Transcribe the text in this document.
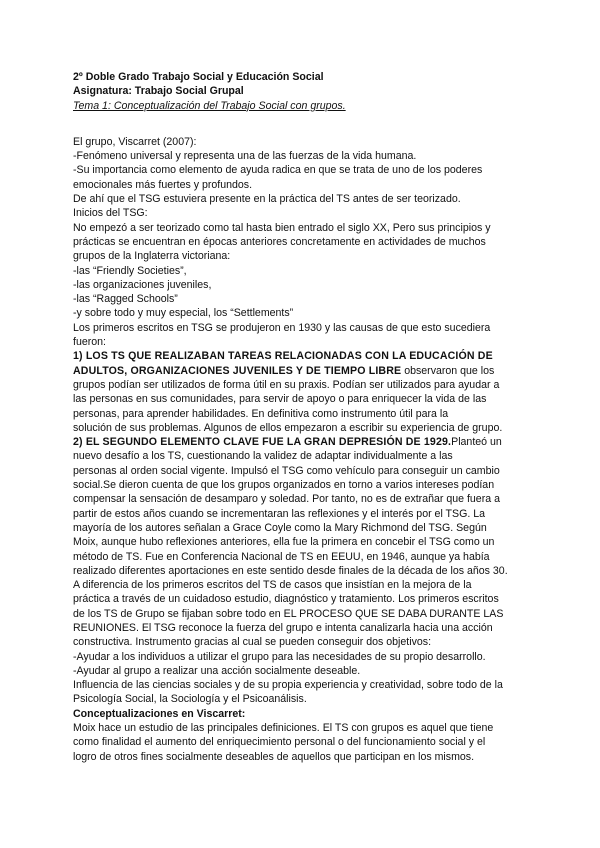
2º Doble Grado Trabajo Social y Educación Social
Asignatura: Trabajo Social Grupal
Tema 1: Conceptualización del Trabajo Social con grupos.
El grupo, Viscarret (2007):
-Fenómeno universal y representa una de las fuerzas de la vida humana.
-Su importancia como elemento de ayuda radica en que se trata de uno de los poderes
emocionales más fuertes y profundos.
De ahí que el TSG estuviera presente en la práctica del TS antes de ser teorizado.
Inicios del TSG:
No empezó a ser teorizado como tal hasta bien entrado el siglo XX, Pero sus principios y
prácticas se encuentran en épocas anteriores concretamente en actividades de muchos
grupos de la Inglaterra victoriana:
-las “Friendly Societies”,
-las organizaciones juveniles,
-las “Ragged Schools”
-y sobre todo y muy especial, los “Settlements”
Los primeros escritos en TSG se produjeron en 1930 y las causas de que esto sucediera
fueron:
1) LOS TS QUE REALIZABAN TAREAS RELACIONADAS CON LA EDUCACIÓN DE
ADULTOS, ORGANIZACIONES JUVENILES Y DE TIEMPO LIBRE observaron que los
grupos podían ser utilizados de forma útil en su praxis. Podían ser utilizados para ayudar a
las personas en sus comunidades, para servir de apoyo o para enriquecer la vida de las
personas, para aprender habilidades. En definitiva como instrumento útil para la
solución de sus problemas. Algunos de ellos empezaron a escribir su experiencia de grupo.
2) EL SEGUNDO ELEMENTO CLAVE FUE LA GRAN DEPRESIÓN DE 1929.Planteó un
nuevo desafío a los TS, cuestionando la validez de adaptar individualmente a las
personas al orden social vigente. Impulsó el TSG como vehículo para conseguir un cambio
social.Se dieron cuenta de que los grupos organizados en torno a varios intereses podían
compensar la sensación de desamparo y soledad. Por tanto, no es de extrañar que fuera a
partir de estos años cuando se incrementaran las reflexiones y el interés por el TSG. La
mayoría de los autores señalan a Grace Coyle como la Mary Richmond del TSG. Según
Moix, aunque hubo reflexiones anteriores, ella fue la primera en concebir el TSG como un
método de TS. Fue en Conferencia Nacional de TS en EEUU, en 1946, aunque ya había
realizado diferentes aportaciones en este sentido desde finales de la década de los años 30.
A diferencia de los primeros escritos del TS de casos que insistían en la mejora de la
práctica a través de un cuidadoso estudio, diagnóstico y tratamiento. Los primeros escritos
de los TS de Grupo se fijaban sobre todo en EL PROCESO QUE SE DABA DURANTE LAS
REUNIONES. El TSG reconoce la fuerza del grupo e intenta canalizarla hacia una acción
constructiva. Instrumento gracias al cual se pueden conseguir dos objetivos:
-Ayudar a los individuos a utilizar el grupo para las necesidades de su propio desarrollo.
-Ayudar al grupo a realizar una acción socialmente deseable.
Influencia de las ciencias sociales y de su propia experiencia y creatividad, sobre todo de la
Psicología Social, la Sociología y el Psicoanálisis.
Conceptualizaciones en Viscarret:
Moix hace un estudio de las principales definiciones. El TS con grupos es aquel que tiene
como finalidad el aumento del enriquecimiento personal o del funcionamiento social y el
logro de otros fines socialmente deseables de aquellos que participan en los mismos.
